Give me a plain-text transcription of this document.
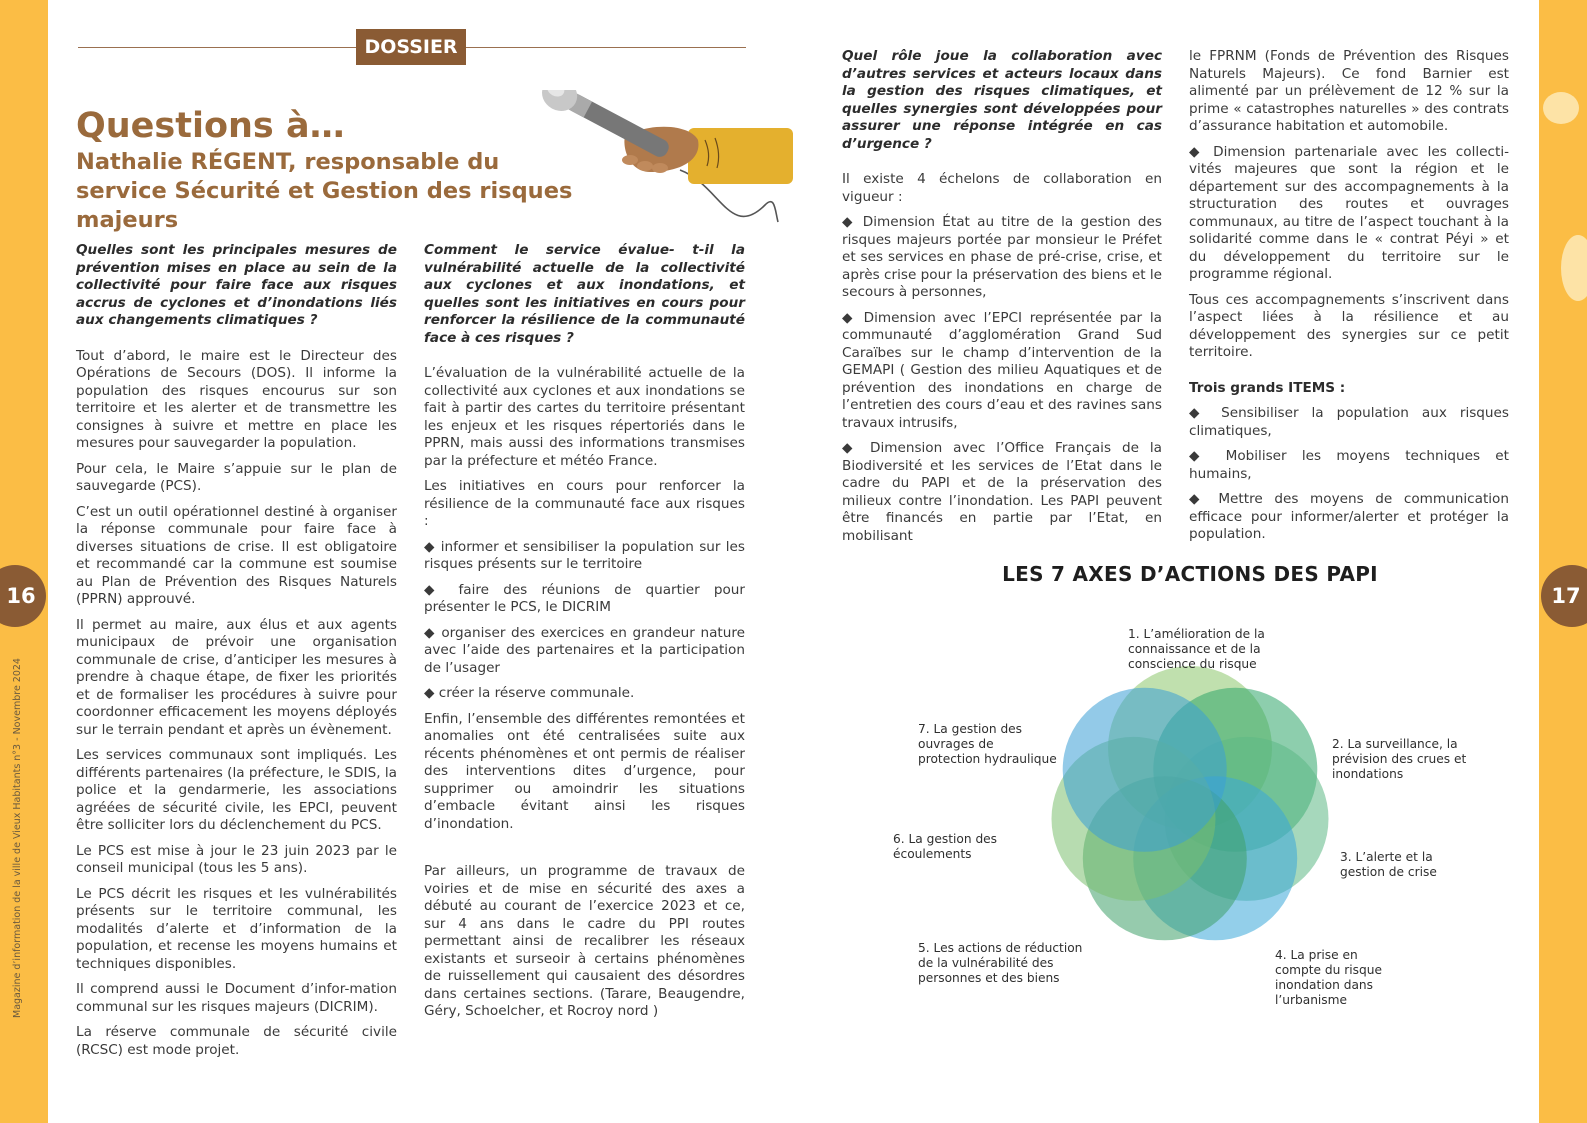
16	17
Magazine d’information de la ville de Vieux Habitants n°3 - Novembre 2024
DOSSIER
Questions à…
Nathalie RÉGENT, responsable du service Sécurité et Gestion des risques majeurs

Quelles sont les principales mesures de prévention mises en place au sein de la collectivité pour faire face aux risques accrus de cyclones et d’inondations liés aux changements climatiques ?

Tout d’abord, le maire est le Directeur des Opérations de Secours (DOS). Il informe la population des risques encourus sur son territoire et les alerter et de transmettre les consignes à suivre et mettre en place les mesures pour sauvegarder la population.

Pour cela, le Maire s’appuie sur le plan de sauvegarde (PCS).

C’est un outil opérationnel destiné à organiser la réponse communale pour faire face à diverses situations de crise. Il est obligatoire et recommandé car la commune est soumise au Plan de Prévention des Risques Naturels (PPRN) approuvé.

Il permet au maire, aux élus et aux agents municipaux de prévoir une organisation communale de crise, d’anticiper les mesures à prendre à chaque étape, de fixer les priorités et de formaliser les procédures à suivre pour coordonner efficacement les moyens déployés sur le terrain pendant et après un évènement.

Les services communaux sont impliqués. Les différents partenaires (la préfecture, le SDIS, la police et la gendarmerie, les associations agréées de sécurité civile, les EPCI, peuvent être solliciter lors du déclenchement du PCS.

Le PCS est mise à jour le 23 juin 2023 par le conseil municipal (tous les 5 ans).

Le PCS décrit les risques et les vulnérabilités présents sur le territoire communal, les modalités d’alerte et d’information de la population, et recense les moyens humains et techniques disponibles.

Il comprend aussi le Document d’infor-mation communal sur les risques majeurs (DICRIM).

La réserve communale de sécurité civile (RCSC) est mode projet.

Comment le service évalue- t-il la vulnérabilité actuelle de la collectivité aux cyclones et aux inondations, et quelles sont les initiatives en cours pour renforcer la résilience de la communauté face à ces risques ?

L’évaluation de la vulnérabilité actuelle de la collectivité aux cyclones et aux inondations se fait à partir des cartes du territoire présentant les enjeux et les risques répertoriés dans le PPRN, mais aussi des informations transmises par la préfecture et météo France.

Les initiatives en cours pour renforcer la résilience de la communauté face aux risques :

◆ informer et sensibiliser la population sur les risques présents sur le territoire

◆ faire des réunions de quartier pour présenter le PCS, le DICRIM

◆ organiser des exercices en grandeur nature avec l’aide des partenaires et la participation de l’usager

◆ créer la réserve communale.

Enfin, l’ensemble des différentes remontées et anomalies ont été centralisées suite aux récents phénomènes et ont permis de réaliser des interventions dites d’urgence, pour supprimer ou amoindrir les situations d’embacle évitant ainsi les risques d’inondation.

Par ailleurs, un programme de travaux de voiries et de mise en sécurité des axes a débuté au courant de l’exercice 2023 et ce, sur 4 ans dans le cadre du PPI routes permettant ainsi de recalibrer les réseaux existants et surseoir à certains phénomènes de ruissellement qui causaient des désordres dans certaines sections. (Tarare, Beaugendre, Géry, Schoelcher, et Rocroy nord )

Quel rôle joue la collaboration avec d’autres services et acteurs locaux dans la gestion des risques climatiques, et quelles synergies sont développées pour assurer une réponse intégrée en cas d’urgence ?

Il existe 4 échelons de collaboration en vigueur :

◆ Dimension État au titre de la gestion des risques majeurs portée par monsieur le Préfet et ses services en phase de pré-crise, crise, et après crise pour la préservation des biens et le secours à personnes,

◆ Dimension avec l’EPCI représentée par la communauté d’agglomération Grand Sud Caraïbes sur le champ d’intervention de la GEMAPI ( Gestion des milieu Aquatiques et de prévention des inondations en charge de l’entretien des cours d’eau et des ravines sans travaux intrusifs,

◆ Dimension avec l’Office Français de la Biodiversité et les services de l’Etat dans le cadre du PAPI et de la préservation des milieux contre l’inondation. Les PAPI peuvent être financés en partie par l’Etat, en mobilisant

le FPRNM (Fonds de Prévention des Risques Naturels Majeurs). Ce fond Barnier est alimenté par un prélèvement de 12 % sur la prime « catastrophes naturelles » des contrats d’assurance habitation et automobile.

◆ Dimension partenariale avec les collecti-vités majeures que sont la région et le département sur des accompagnements à la structuration des routes et ouvrages communaux, au titre de l’aspect touchant à la solidarité comme dans le « contrat Péyi » et du développement du territoire sur le programme régional.

Tous ces accompagnements s’inscrivent dans l’aspect liées à la résilience et au développement des synergies sur ce petit territoire.

Trois grands ITEMS :

◆ Sensibiliser la population aux risques climatiques,

◆ Mobiliser les moyens techniques et humains,

◆ Mettre des moyens de communication efficace pour informer/alerter et protéger la population.

LES 7 AXES D’ACTIONS DES PAPI
1. L’amélioration de la connaissance et de la conscience du risque
2. La surveillance, la prévision des crues et inondations
3. L’alerte et la gestion de crise
4. La prise en compte du risque inondation dans l’urbanisme
5. Les actions de réduction de la vulnérabilité des personnes et des biens
6. La gestion des écoulements
7. La gestion des ouvrages de protection hydraulique
